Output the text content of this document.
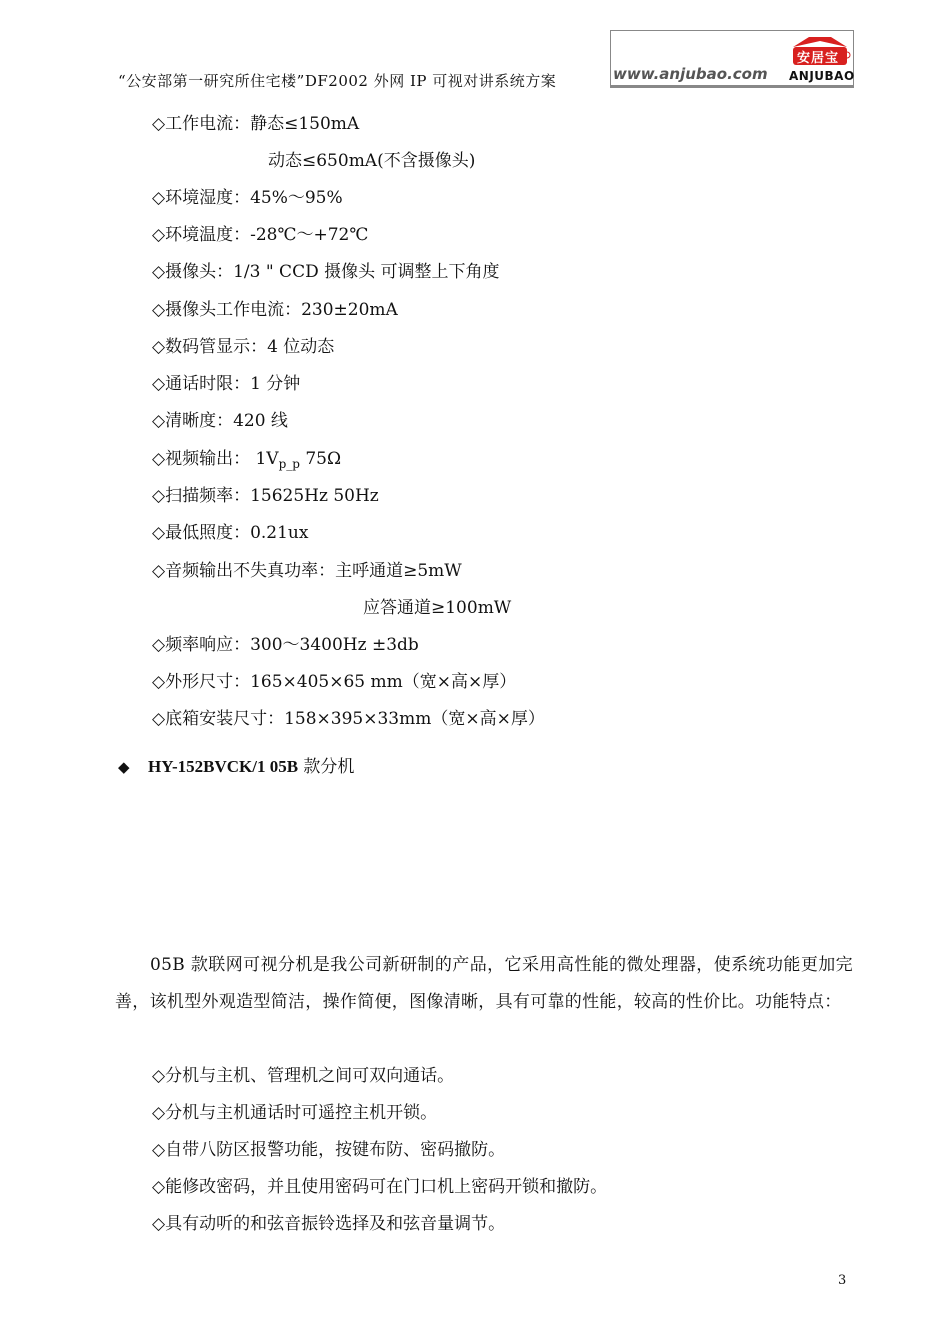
“公安部第一研究所住宅楼”DF2002 外网 IP 可视对讲系统方案	www.anjubao.com
安居宝
ANJUBAO
◇工作电流：静态≤150mA
动态≤650mA(不含摄像头)
◇环境湿度：45%～95%
◇环境温度：-28℃～+72℃
◇摄像头：1/3 " CCD 摄像头 可调整上下角度
◇摄像头工作电流：230±20mA
◇数码管显示：4 位动态
◇通话时限：1 分钟
◇清晰度：420 线
◇视频输出： $1V_{p\_p}$ 75Ω
◇扫描频率：15625Hz 50Hz
◇最低照度：0.21ux
◇音频输出不失真功率：主呼通道≥5mW
应答通道≥100mW
◇频率响应：300～3400Hz ±3db
◇外形尺寸：165×405×65 mm（宽×高×厚）
◇底箱安装尺寸：158×395×33mm（宽×高×厚）
◆ HY-152BVCK/1 05B 款分机
05B 款联网可视分机是我公司新研制的产品，它采用高性能的微处理器，使系统功能更加完善，该机型外观造型简洁，操作简便，图像清晰，具有可靠的性能，较高的性价比。功能特点：
◇分机与主机、管理机之间可双向通话。
◇分机与主机通话时可遥控主机开锁。
◇自带八防区报警功能，按键布防、密码撤防。
◇能修改密码，并且使用密码可在门口机上密码开锁和撤防。
◇具有动听的和弦音振铃选择及和弦音量调节。
3
